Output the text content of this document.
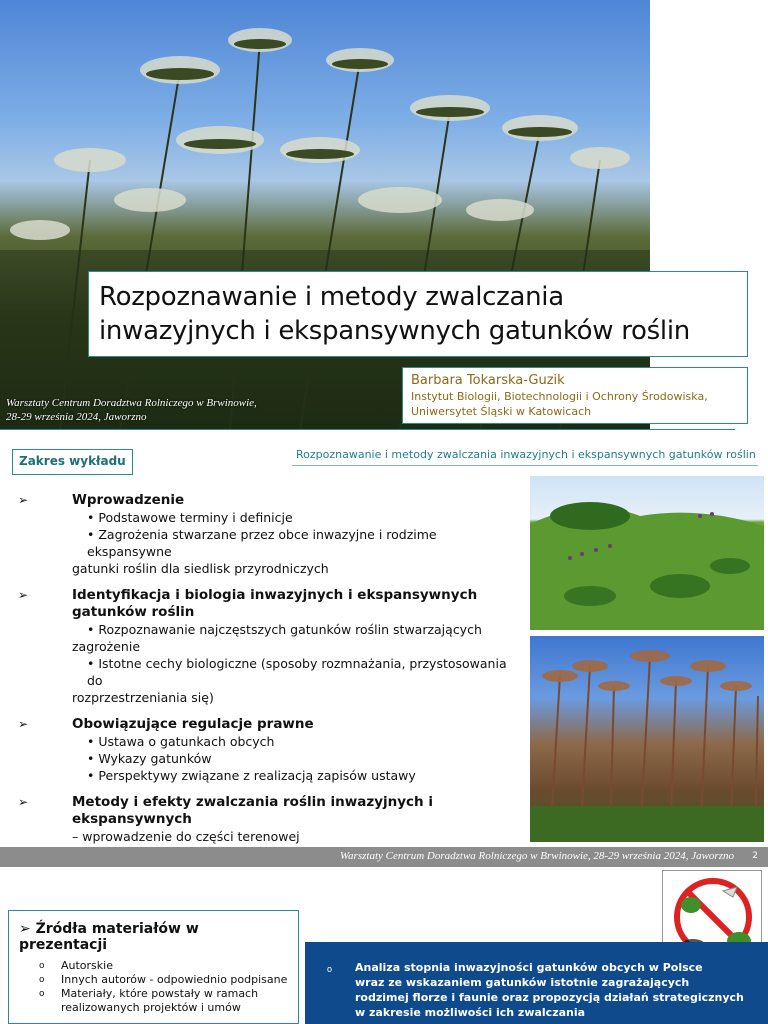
Rozpoznawanie i metody zwalczania
inwazyjnych i ekspansywnych gatunków roślin
Barbara Tokarska-Guzik
Instytut Biologii, Biotechnologii i Ochrony Środowiska,
Uniwersytet Śląski w Katowicach
Warsztaty Centrum Doradztwa Rolniczego w Brwinowie,
28-29 września 2024, Jaworzno
Zakres wykładu	Rozpoznawanie i metody zwalczania inwazyjnych i ekspansywnych gatunków roślin
➢	Wprowadzenie
• Podstawowe terminy i definicje
• Zagrożenia stwarzane przez obce inwazyjne i rodzime ekspansywne
gatunki roślin dla siedlisk przyrodniczych
➢	Identyfikacja i biologia inwazyjnych i ekspansywnych
gatunków roślin
• Rozpoznawanie najczęstszych gatunków roślin stwarzających
zagrożenie
• Istotne cechy biologiczne (sposoby rozmnażania, przystosowania do
rozprzestrzeniania się)
➢	Obowiązujące regulacje prawne
• Ustawa o gatunkach obcych
• Wykazy gatunków
• Perspektywy związane z realizacją zapisów ustawy
➢	Metody i efekty zwalczania roślin inwazyjnych i ekspansywnych
– wprowadzenie do części terenowej
Warsztaty Centrum Doradztwa Rolniczego w Brwinowie, 28-29 września 2024, Jaworzno 2
➢ Źródła materiałów w prezentacji
o Autorskie
o Innych autorów - odpowiednio podpisane
o Materiały, które powstały w ramach
realizowanych projektów i umów
o Analiza stopnia inwazyjności gatunków obcych w Polsce
wraz ze wskazaniem gatunków istotnie zagrażających
rodzimej florze i faunie oraz propozycją działań strategicznych
w zakresie możliwości ich zwalczania
